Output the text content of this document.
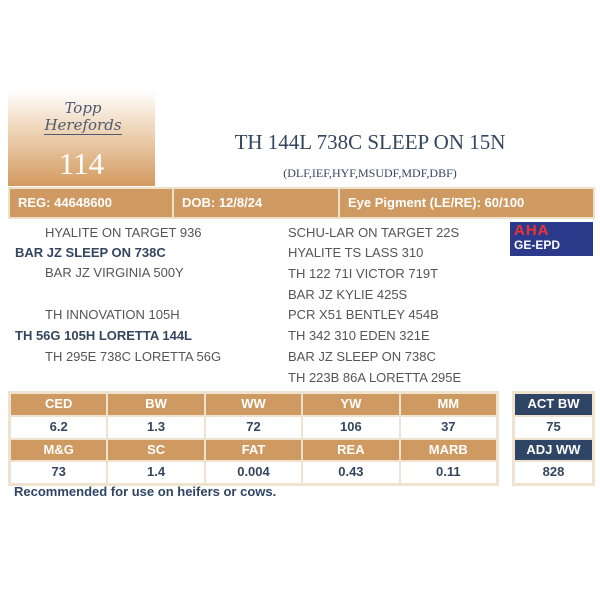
Topp
Herefords
114
TH 144L 738C SLEEP ON 15N
(DLF,IEF,HYF,MSUDF,MDF,DBF)
REG: 44648600	DOB: 12/8/24	Eye Pigment (LE/RE): 60/100
HYALITE ON TARGET 936
BAR JZ SLEEP ON 738C
BAR JZ VIRGINIA 500Y
TH INNOVATION 105H
TH 56G 105H LORETTA 144L
TH 295E 738C LORETTA 56G
SCHU-LAR ON TARGET 22S
HYALITE TS LASS 310
TH 122 71I VICTOR 719T
BAR JZ KYLIE 425S
PCR X51 BENTLEY 454B
TH 342 310 EDEN 321E
BAR JZ SLEEP ON 738C
TH 223B 86A LORETTA 295E
AHA
GE-EPD
CED	BW	WW	YW	MM
6.2	1.3	72	106	37
M&G	SC	FAT	REA	MARB
73	1.4	0.004	0.43	0.11
ACT BW
75
ADJ WW
828
Recommended for use on heifers or cows.
